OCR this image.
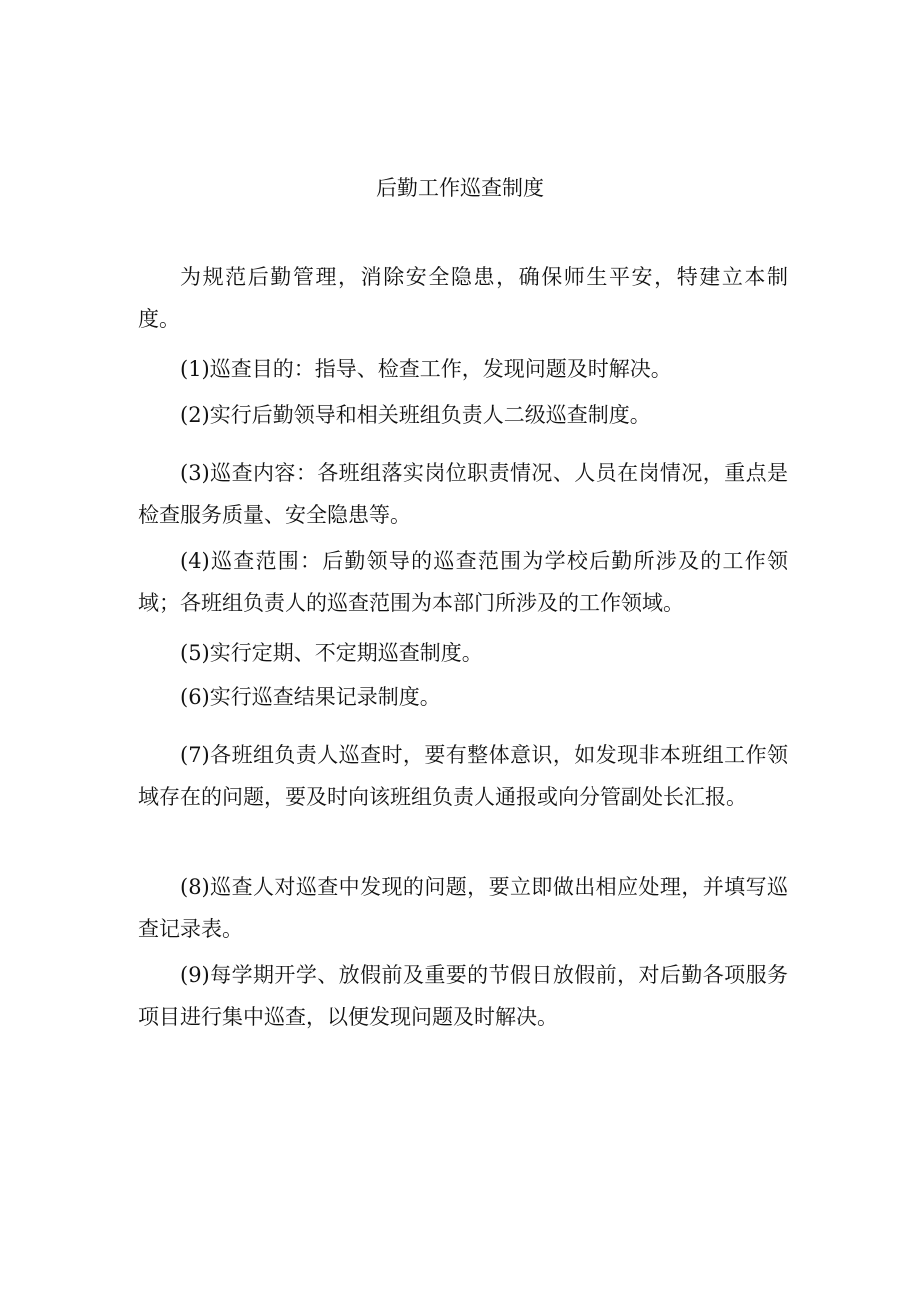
后勤工作巡查制度

为规范后勤管理，消除安全隐患，确保师生平安，特建立本制度。

(1)巡查目的：指导、检查工作，发现问题及时解决。

(2)实行后勤领导和相关班组负责人二级巡查制度。

(3)巡查内容：各班组落实岗位职责情况、人员在岗情况，重点是检查服务质量、安全隐患等。

(4)巡查范围：后勤领导的巡查范围为学校后勤所涉及的工作领域；各班组负责人的巡查范围为本部门所涉及的工作领域。

(5)实行定期、不定期巡查制度。

(6)实行巡查结果记录制度。

(7)各班组负责人巡查时，要有整体意识，如发现非本班组工作领域存在的问题，要及时向该班组负责人通报或向分管副处长汇报。

(8)巡查人对巡查中发现的问题，要立即做出相应处理，并填写巡查记录表。

(9)每学期开学、放假前及重要的节假日放假前，对后勤各项服务项目进行集中巡查，以便发现问题及时解决。
